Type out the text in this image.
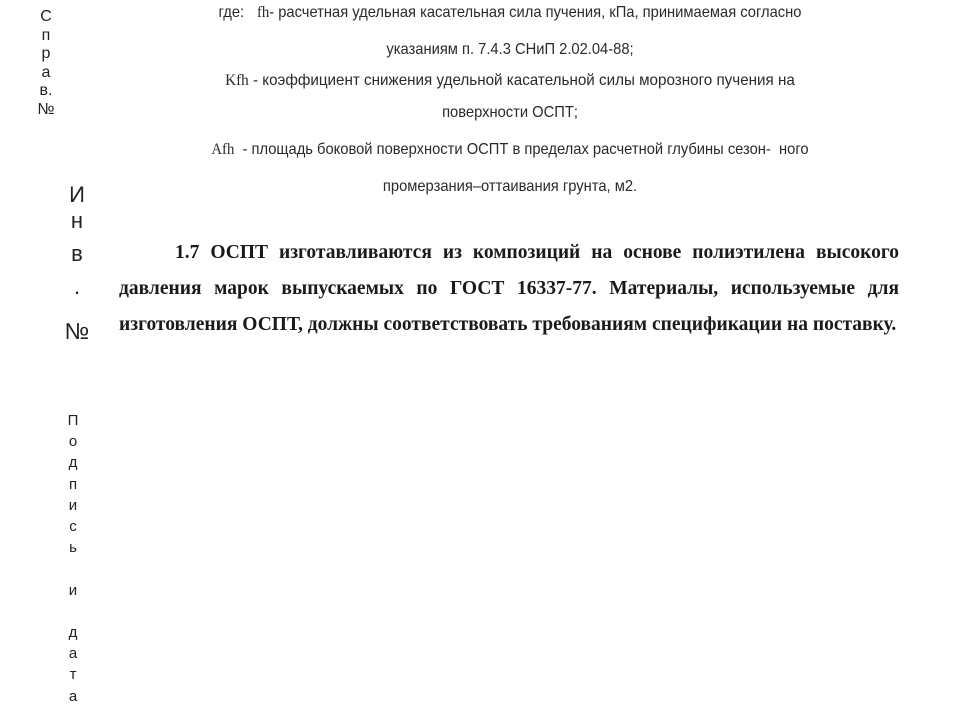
С
п
р
а
в.
№
И
н
в
.
№
П
о
д
п
и
с
ь

и

д
а
т
а
где: fh- расчетная удельная касательная сила пучения, кПа, принимаемая согласно
указаниям п. 7.4.3 СНиП 2.02.04-88;
Kfh - коэффициент снижения удельной касательной силы морозного пучения на
поверхности ОСПТ;
Afh  - площадь боковой поверхности ОСПТ в пределах расчетной глубины сезон-  ного
промерзания–оттаивания грунта, м2.
1.7 ОСПТ изготавливаются из композиций на основе полиэтилена высокого давления марок выпускаемых по ГОСТ 16337-77. Материалы, используемые для изготовления ОСПТ, должны соответствовать требованиям спецификации на поставку.
